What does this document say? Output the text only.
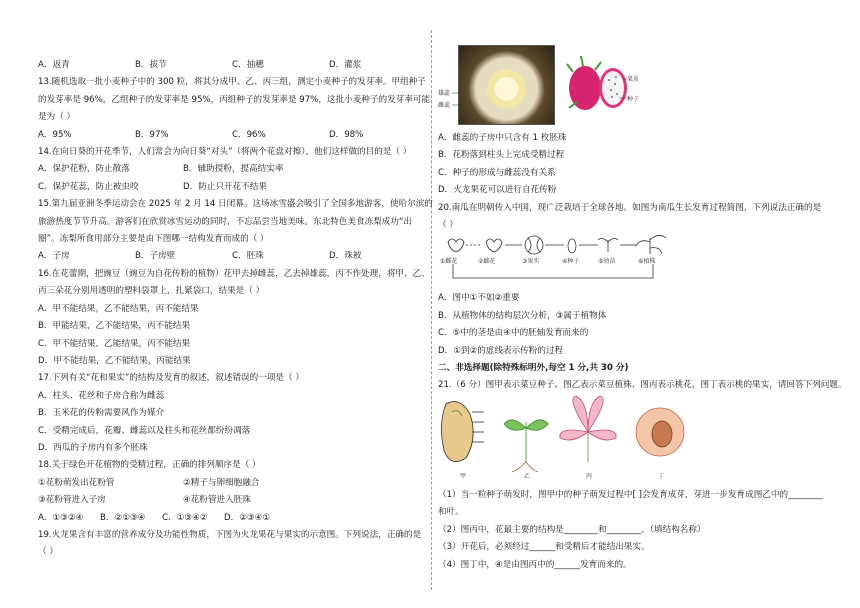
A．返青	B．拔节	C．抽穗	D．灌浆
13.随机选取一批小麦种子中的 300 粒，将其分成甲、乙、丙三组，测定小麦种子的发芽率。甲组种子
的发芽率是 96%，乙组种子的发芽率是 95%，丙组种子的发芽率是 97%，这批小麦种子的发芽率可能
是为（ ）
A．95%	B．97%	C．96%	D．98%
14.在向日葵的开花季节，人们常会为向日葵“对头”（将两个花盘对擦），他们这样做的目的是（ ）
A．保护花粉，防止散落	B．辅助授粉，提高结实率
C．保护花蕊，防止被虫咬	D．防止只开花不结果
15.第九届亚洲冬季运动会在 2025 年 2 月 14 日闭幕。这场冰雪盛会吸引了全国多地游客，使哈尔滨的
旅游热度节节升高。游客们在欣赏冰雪运动的同时，不忘品尝当地美味。东北特色美食冻梨成功“出
圈”。冻梨所食用部分主要是由下图哪一结构发育而成的（ ）
A．子房	B．子房壁	C．胚珠	D．珠被
16.在花蕾期，把豌豆（豌豆为自花传粉的植物）花甲去掉雌蕊，乙去掉雄蕊，丙不作处理，将甲、乙、
丙三朵花分别用透明的塑料袋罩上，扎紧袋口，结果是（ ）
A．甲不能结果，乙不能结果，丙不能结果
B．甲能结果，乙不能结果，丙不能结果
C．甲不能结果，乙能结果，丙不能结果
D．甲不能结果，乙不能结果，丙能结果
17.下列有关“花和果实”的结构及发育的叙述，叙述错误的一项是（ ）
A．柱头、花丝和子房合称为雌蕊
B．玉米花的传粉需要风作为媒介
C．受精完成后，花瓣、雌蕊以及柱头和花丝都纷纷凋落
D．西瓜的子房内有多个胚珠
18.关于绿色开花植物的受精过程，正确的排列顺序是（ ）
①花粉萌发出花粉管	②精子与卵细胞融合
③花粉管进入子房	④花粉管进入胚珠
A．①③②④	B．②①③④	C．①③④②	D．②③④①
19.火龙果含有丰富的营养成分及功能性物质，下图为火龙果花与果实的示意图。下列说法，正确的是
（ ）
雄蕊
雌蕊
果皮
种子
A．雌蕊的子房中只含有 1 枚胚珠
B．花粉落到柱头上完成受精过程
C．种子的形成与雌蕊没有关系
D．火龙果花可以进行自花传粉
20.南瓜在明朝传入中国，现广泛栽培于全球各地。如图为南瓜生长发育过程简图，下列说法正确的是
（ ）
A．图中①不如②重要
B．从植物体的结构层次分析，③属于植物体
C．⑤中的茎是由④中的胚轴发育而来的
D．①到②的虚线表示传粉的过程
二、非选择题(除特殊标明外,每空 1 分,共 30 分)
21.（6 分）图甲表示菜豆种子、图乙表示菜豆植株、图丙表示桃花，图丁表示桃的果实，请回答下列问题。
（1）当一粒种子萌发时，图甲中的种子萌发过程中[ ]会发育成芽，芽进一步发育成图乙中的________
和叶。
（2）图丙中，花最主要的结构是________和________。（填结构名称）
（3）开花后，必须经过______和受精后才能结出果实。
（4）图丁中，④是由图丙中的______发育而来的。
①雌花	②雌花	③果实	④种子	⑤幼苗	⑥植株
甲	乙	丙	丁
